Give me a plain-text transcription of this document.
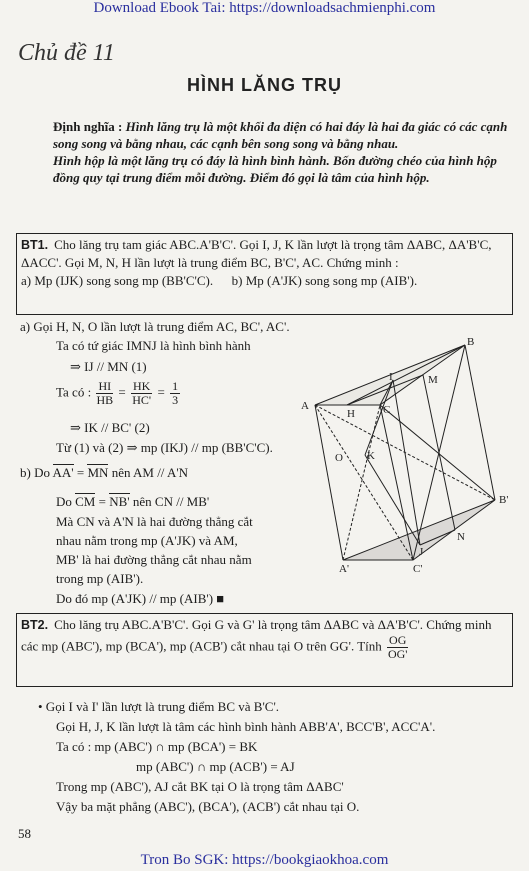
Download Ebook Tai: https://downloadsachmienphi.com
Chủ đề 11
HÌNH LĂNG TRỤ
Định nghĩa : Hình lăng trụ là một khối đa diện có hai đáy là hai đa giác có các cạnh song song và bằng nhau, các cạnh bên song song và bằng nhau.
Hình hộp là một lăng trụ có đáy là hình bình hành. Bốn đường chéo của hình hộp đồng quy tại trung điểm mỗi đường. Điểm đó gọi là tâm của hình hộp.
BT1. Cho lăng trụ tam giác ABC.A'B'C'. Gọi I, J, K lần lượt là trọng tâm ΔABC, ΔA'B'C, ΔACC'. Gọi M, N, H lần lượt là trung điểm BC, B'C', AC. Chứng minh :
a) Mp (IJK) song song mp (BB'C'C). b) Mp (A'JK) song song mp (AIB').
a) Gọi H, N, O lần lượt là trung điểm AC, BC', AC'.
Ta có tứ giác IMNJ là hình bình hành
⇒ IJ // MN (1)
Ta có : $\frac{HI}{HB} = \frac{HK}{HC'} = \frac{1}{3}$
⇒ IK // BC' (2)
Từ (1) và (2) ⇒ mp (IKJ) // mp (BB'C'C).
b) Do AA' = MN nên AM // A'N
Do CM = NB' nên CN // MB'
Mà CN và A'N là hai đường thẳng cắt
nhau nằm trong mp (A'JK) và AM,
MB' là hai đường thẳng cắt nhau nằm
trong mp (AIB').
Do đó mp (A'JK) // mp (AIB') ■
A
B
C
M
H
I
K
O
J
N
A'
B'
C'
BT2. Cho lăng trụ ABC.A'B'C'. Gọi G và G' là trọng tâm ΔABC và ΔA'B'C'. Chứng minh các mp (ABC'), mp (BCA'), mp (ACB') cắt nhau tại O trên GG'. Tính $\frac{OG}{OG'}$
• Gọi I và I' lần lượt là trung điểm BC và B'C'.
Gọi H, J, K lần lượt là tâm các hình bình hành ABB'A', BCC'B', ACC'A'.
Ta có : mp (ABC') ∩ mp (BCA') = BK
mp (ABC') ∩ mp (ACB') = AJ
Trong mp (ABC'), AJ cắt BK tại O là trọng tâm ΔABC'
Vậy ba mặt phẳng (ABC'), (BCA'), (ACB') cắt nhau tại O.
58
Tron Bo SGK: https://bookgiaokhoa.com
